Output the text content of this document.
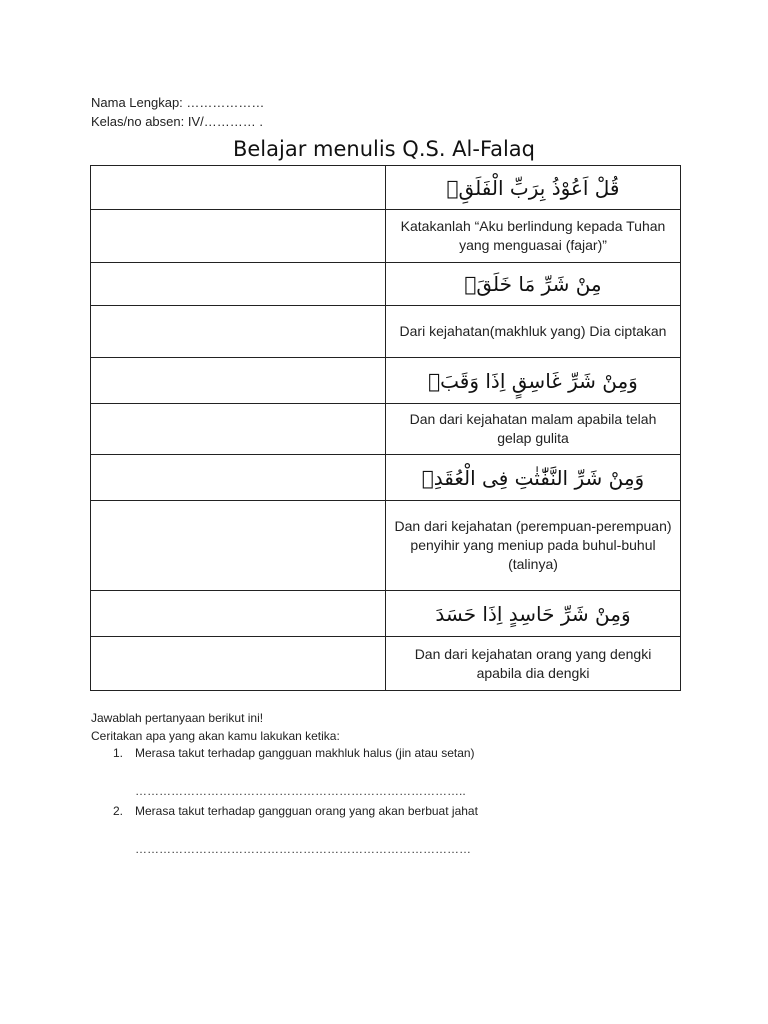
Nama Lengkap: ………………
Kelas/no absen: IV/………… .
Belajar menulis Q.S. Al-Falaq
	قُلْ اَعُوْذُ بِرَبِّ الْفَلَقِۙ
	Katakanlah “Aku berlindung kepada Tuhan yang menguasai (fajar)”
	مِنْ شَرِّ مَا خَلَقَۙ
	Dari kejahatan(makhluk yang) Dia ciptakan
	وَمِنْ شَرِّ غَاسِقٍ اِذَا وَقَبَۙ
	Dan dari kejahatan malam apabila telah gelap gulita
	وَمِنْ شَرِّ النَّفّٰثٰتِ فِى الْعُقَدِۙ
	Dan dari kejahatan (perempuan-perempuan) penyihir yang meniup pada buhul-buhul (talinya)
	وَمِنْ شَرِّ حَاسِدٍ اِذَا حَسَدَ
	Dan dari kejahatan orang yang dengki apabila dia dengki
Jawablah pertanyaan berikut ini!
Ceritakan apa yang akan kamu lakukan ketika:
1. Merasa takut terhadap gangguan makhluk halus (jin atau setan)
………………………………………………………………………..
2. Merasa takut terhadap gangguan orang yang akan berbuat jahat
…………………………………………………………………………
